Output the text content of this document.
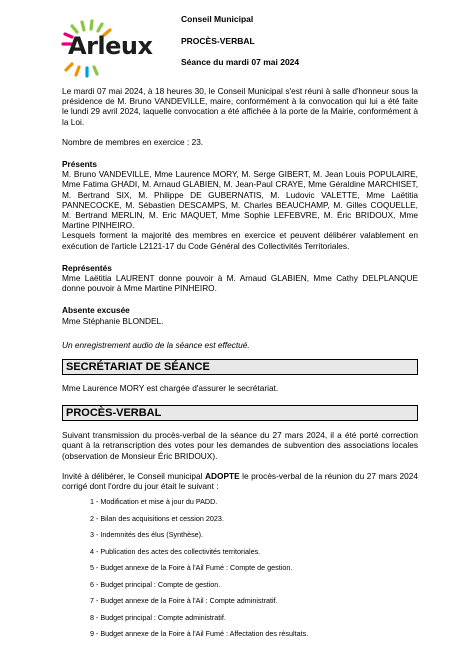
Arleux
Conseil Municipal
PROCÈS-VERBAL
Séance du mardi 07 mai 2024

Le mardi 07 mai 2024, à 18 heures 30, le Conseil Municipal s'est réuni à salle d'honneur sous la présidence de M. Bruno VANDEVILLE, maire, conformément à la convocation qui lui a été faite le lundi 29 avril 2024, laquelle convocation a été affichée à la porte de la Mairie, conformément à la Loi.

Nombre de membres en exercice : 23.

Présents

M. Bruno VANDEVILLE, Mme Laurence MORY, M. Serge GIBERT, M. Jean Louis POPULAIRE, Mme Fatima GHADI, M. Arnaud GLABIEN, M. Jean-Paul CRAYE, Mme Géraldine MARCHISET, M. Bertrand SIX, M. Philippe DE GUBERNATIS, M. Ludovic VALETTE, Mme Laëtitia PANNECOCKE, M. Sébastien DESCAMPS, M. Charles BEAUCHAMP, M. Gilles COQUELLE, M. Bertrand MERLIN, M. Eric MAQUET, Mme Sophie LEFEBVRE, M. Éric BRIDOUX, Mme Martine PINHEIRO.

Lesquels forment la majorité des membres en exercice et peuvent délibérer valablement en exécution de l'article L2121-17 du Code Général des Collectivités Territoriales.

Représentés

Mme Laëtitia LAURENT donne pouvoir à M. Arnaud GLABIEN, Mme Cathy DELPLANQUE donne pouvoir à Mme Martine PINHEIRO.

Absente excusée

Mme Stéphanie BLONDEL.

Un enregistrement audio de la séance est effectué.

SECRÉTARIAT DE SÉANCE

Mme Laurence MORY est chargée d'assurer le secrétariat.

PROCÈS-VERBAL

Suivant transmission du procès-verbal de la séance du 27 mars 2024, il a été porté correction quant à la retranscription des votes pour les demandes de subvention des associations locales (observation de Monsieur Éric BRIDOUX).

Invité à délibérer, le Conseil municipal ADOPTE le procès-verbal de la réunion du 27 mars 2024 corrigé dont l'ordre du jour était le suivant :

1 - Modification et mise à jour du PADD.
2 - Bilan des acquisitions et cession 2023.
3 - Indemnités des élus (Synthèse).
4 - Publication des actes des collectivités territoriales.
5 - Budget annexe de la Foire à l'Ail Fumé : Compte de gestion.
6 - Budget principal : Compte de gestion.
7 - Budget annexe de la Foire à l'Ail : Compte administratif.
8 - Budget principal : Compte administratif.
9 - Budget annexe de la Foire à l'Ail Fumé : Affectation des résultats.
